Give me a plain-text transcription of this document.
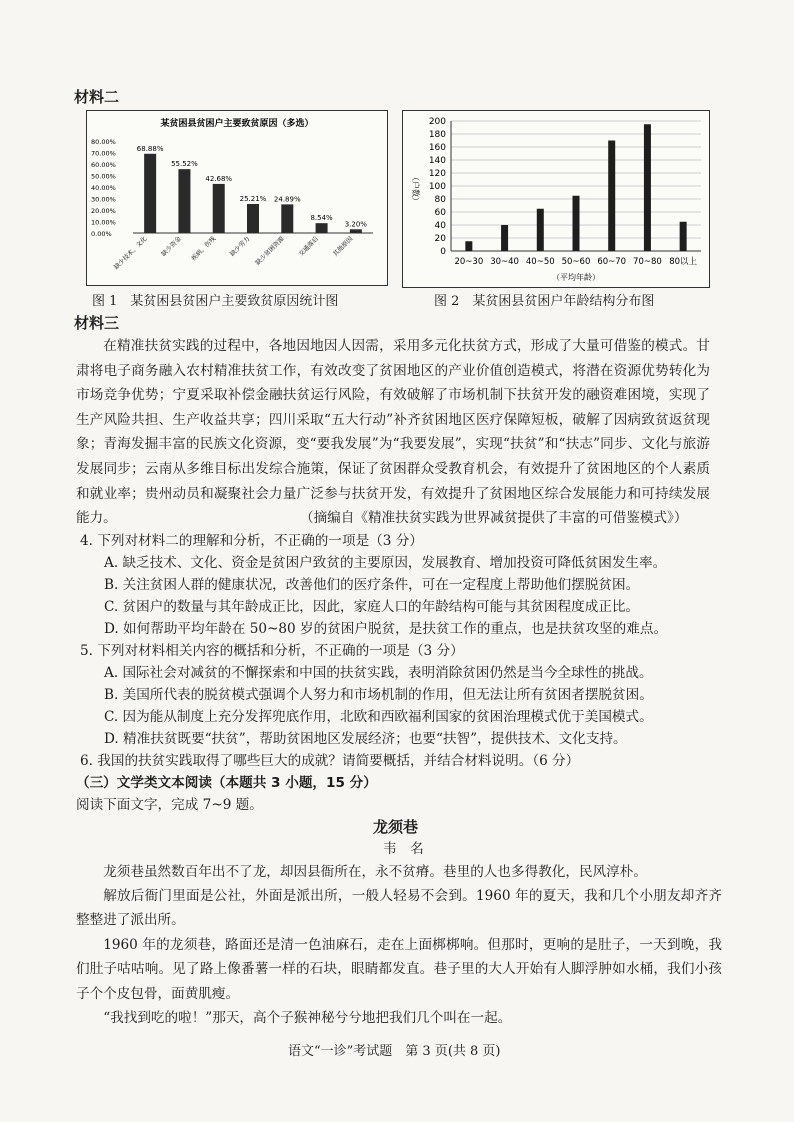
材料二
某贫困县贫困户主要致贫原因（多选）
0.00%
10.00%
20.00%
30.00%
40.00%
50.00%
60.00%
70.00%
80.00%
68.88%
缺少技术、文化
55.52%
缺少资金
42.68%
疾病、伤残
25.21%
缺少劳力
24.89%
缺少贫困资源
8.54%
交通落后
3.20%
其他原因
图 1　某贫困县贫困户主要致贫原因统计图
0
20
40
60
80
100
120
140
160
180
200
（户数）
20~30 30~40 40~50 50~60 60~70 70~80 80以上
（平均年龄）
图 2　某贫困县贫困户年龄结构分布图
材料三
在精准扶贫实践的过程中，各地因地因人因需，采用多元化扶贫方式，形成了大量可借鉴的模式。甘肃将电子商务融入农村精准扶贫工作，有效改变了贫困地区的产业价值创造模式，将潜在资源优势转化为市场竞争优势；宁夏采取补偿金融扶贫运行风险，有效破解了市场机制下扶贫开发的融资难困境，实现了生产风险共担、生产收益共享；四川采取“五大行动”补齐贫困地区医疗保障短板，破解了因病致贫返贫现象；青海发掘丰富的民族文化资源，变“要我发展”为“我要发展”，实现“扶贫”和“扶志”同步、文化与旅游发展同步；云南从多维目标出发综合施策，保证了贫困群众受教育机会，有效提升了贫困地区的个人素质和就业率；贵州动员和凝聚社会力量广泛参与扶贫开发，有效提升了贫困地区综合发展能力和可持续发展能力。	（摘编自《精准扶贫实践为世界减贫提供了丰富的可借鉴模式》）
4. 下列对材料二的理解和分析，不正确的一项是（3 分）
A. 缺乏技术、文化、资金是贫困户致贫的主要原因，发展教育、增加投资可降低贫困发生率。
B. 关注贫困人群的健康状况，改善他们的医疗条件，可在一定程度上帮助他们摆脱贫困。
C. 贫困户的数量与其年龄成正比，因此，家庭人口的年龄结构可能与其贫困程度成正比。
D. 如何帮助平均年龄在 50~80 岁的贫困户脱贫，是扶贫工作的重点，也是扶贫攻坚的难点。
5. 下列对材料相关内容的概括和分析，不正确的一项是（3 分）
A. 国际社会对减贫的不懈探索和中国的扶贫实践，表明消除贫困仍然是当今全球性的挑战。
B. 美国所代表的脱贫模式强调个人努力和市场机制的作用，但无法让所有贫困者摆脱贫困。
C. 因为能从制度上充分发挥兜底作用，北欧和西欧福利国家的贫困治理模式优于美国模式。
D. 精准扶贫既要“扶贫”，帮助贫困地区发展经济；也要“扶智”，提供技术、文化支持。
6. 我国的扶贫实践取得了哪些巨大的成就？请简要概括，并结合材料说明。（6 分）
（三）文学类文本阅读（本题共 3 小题，15 分）
阅读下面文字，完成 7~9 题。
龙须巷
韦　名
龙须巷虽然数百年出不了龙，却因县衙所在，永不贫瘠。巷里的人也多得教化，民风淳朴。
解放后衙门里面是公社，外面是派出所，一般人轻易不会到。1960 年的夏天，我和几个小朋友却齐齐整整进了派出所。
1960 年的龙须巷，路面还是清一色油麻石，走在上面梆梆响。但那时，更响的是肚子，一天到晚，我们肚子咕咕响。见了路上像番薯一样的石块，眼睛都发直。巷子里的大人开始有人脚浮肿如水桶，我们小孩子个个皮包骨，面黄肌瘦。
“我找到吃的啦！”那天，高个子猴神秘兮兮地把我们几个叫在一起。
语文“一诊”考试题　第 3 页(共 8 页)
